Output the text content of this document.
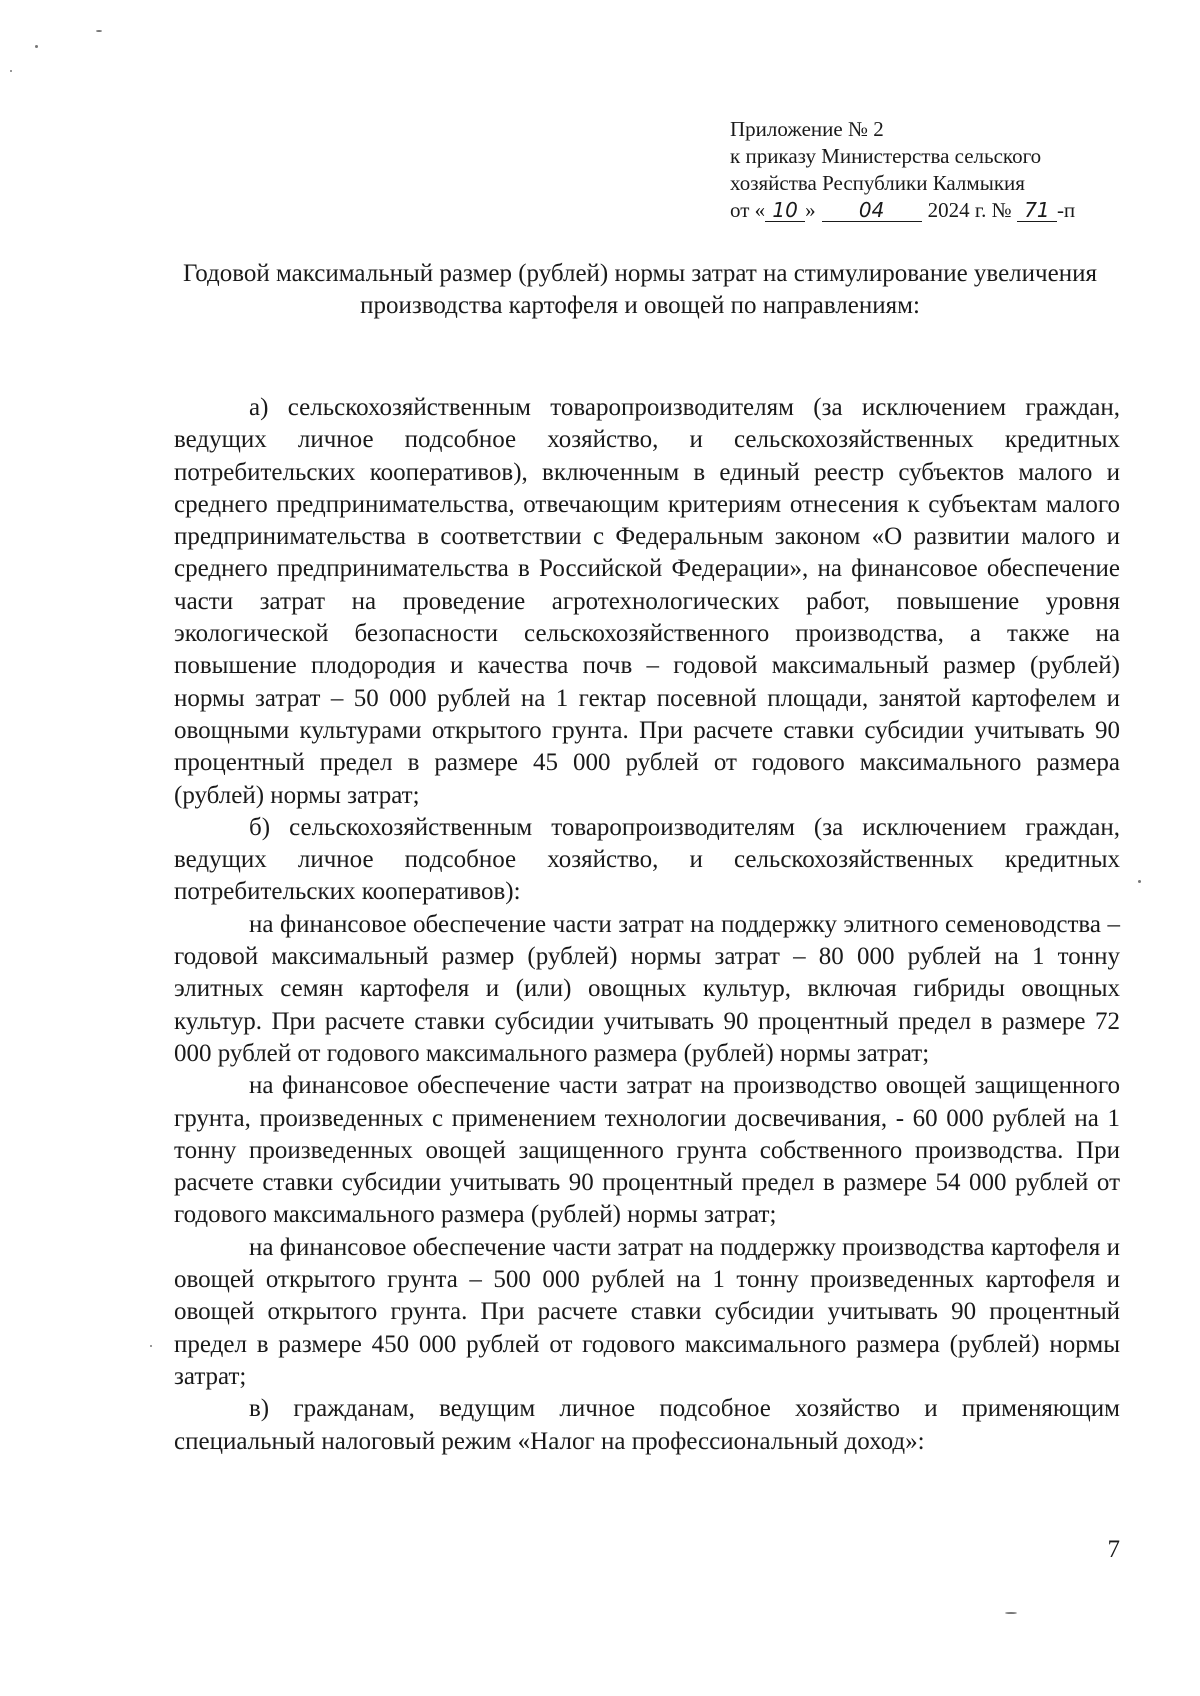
Приложение № 2
к приказу Министерства сельского
хозяйства Республики Калмыкия
от « 10 » 04 2024 г. № 71 -п
Годовой максимальный размер (рублей) нормы затрат на стимулирование увеличения производства картофеля и овощей по направлениям:

а) сельскохозяйственным товаропроизводителям (за исключением граждан, ведущих личное подсобное хозяйство, и сельскохозяйственных кредитных потребительских кооперативов), включенным в единый реестр субъектов малого и среднего предпринимательства, отвечающим критериям отнесения к субъектам малого предпринимательства в соответствии с Федеральным законом «О развитии малого и среднего предпринимательства в Российской Федерации», на финансовое обеспечение части затрат на проведение агротехнологических работ, повышение уровня экологической безопасности сельскохозяйственного производства, а также на повышение плодородия и качества почв – годовой максимальный размер (рублей) нормы затрат – 50 000 рублей на 1 гектар посевной площади, занятой картофелем и овощными культурами открытого грунта. При расчете ставки субсидии учитывать 90 процентный предел в размере 45 000 рублей от годового максимального размера (рублей) нормы затрат;

б) сельскохозяйственным товаропроизводителям (за исключением граждан, ведущих личное подсобное хозяйство, и сельскохозяйственных кредитных потребительских кооперативов):

на финансовое обеспечение части затрат на поддержку элитного семеноводства – годовой максимальный размер (рублей) нормы затрат – 80 000 рублей на 1 тонну элитных семян картофеля и (или) овощных культур, включая гибриды овощных культур. При расчете ставки субсидии учитывать 90 процентный предел в размере 72 000 рублей от годового максимального размера (рублей) нормы затрат;

на финансовое обеспечение части затрат на производство овощей защищенного грунта, произведенных с применением технологии досвечивания, - 60 000 рублей на 1 тонну произведенных овощей защищенного грунта собственного производства. При расчете ставки субсидии учитывать 90 процентный предел в размере 54 000 рублей от годового максимального размера (рублей) нормы затрат;

на финансовое обеспечение части затрат на поддержку производства картофеля и овощей открытого грунта – 500 000 рублей на 1 тонну произведенных картофеля и овощей открытого грунта. При расчете ставки субсидии учитывать 90 процентный предел в размере 450 000 рублей от годового максимального размера (рублей) нормы затрат;

в) гражданам, ведущим личное подсобное хозяйство и применяющим специальный налоговый режим «Налог на профессиональный доход»:

7
